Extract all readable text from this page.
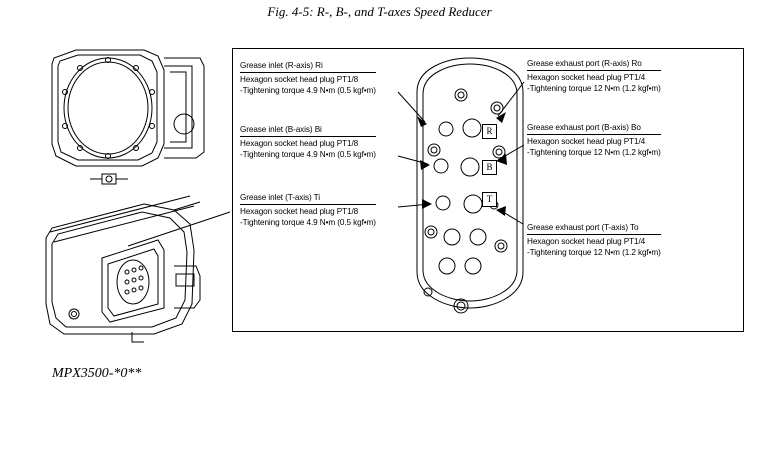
Fig. 4-5: R-, B-, and T-axes Speed Reducer
MPX3500-*0**
R
B
T
Grease inlet (R-axis) Ri
Hexagon socket head plug PT1/8
-Tightening torque 4.9 N•m (0.5 kgf•m)
Grease inlet (B-axis) Bi
Hexagon socket head plug PT1/8
-Tightening torque 4.9 N•m (0.5 kgf•m)
Grease inlet (T-axis) Ti
Hexagon socket head plug PT1/8
-Tightening torque 4.9 N•m (0.5 kgf•m)
Grease exhaust port (R-axis) Ro
Hexagon socket head plug PT1/4
-Tightening torque 12 N•m (1.2 kgf•m)
Grease exhaust port (B-axis) Bo
Hexagon socket head plug PT1/4
-Tightening torque 12 N•m (1.2 kgf•m)
Grease exhaust port (T-axis) To
Hexagon socket head plug PT1/4
-Tightening torque 12 N•m (1.2 kgf•m)
